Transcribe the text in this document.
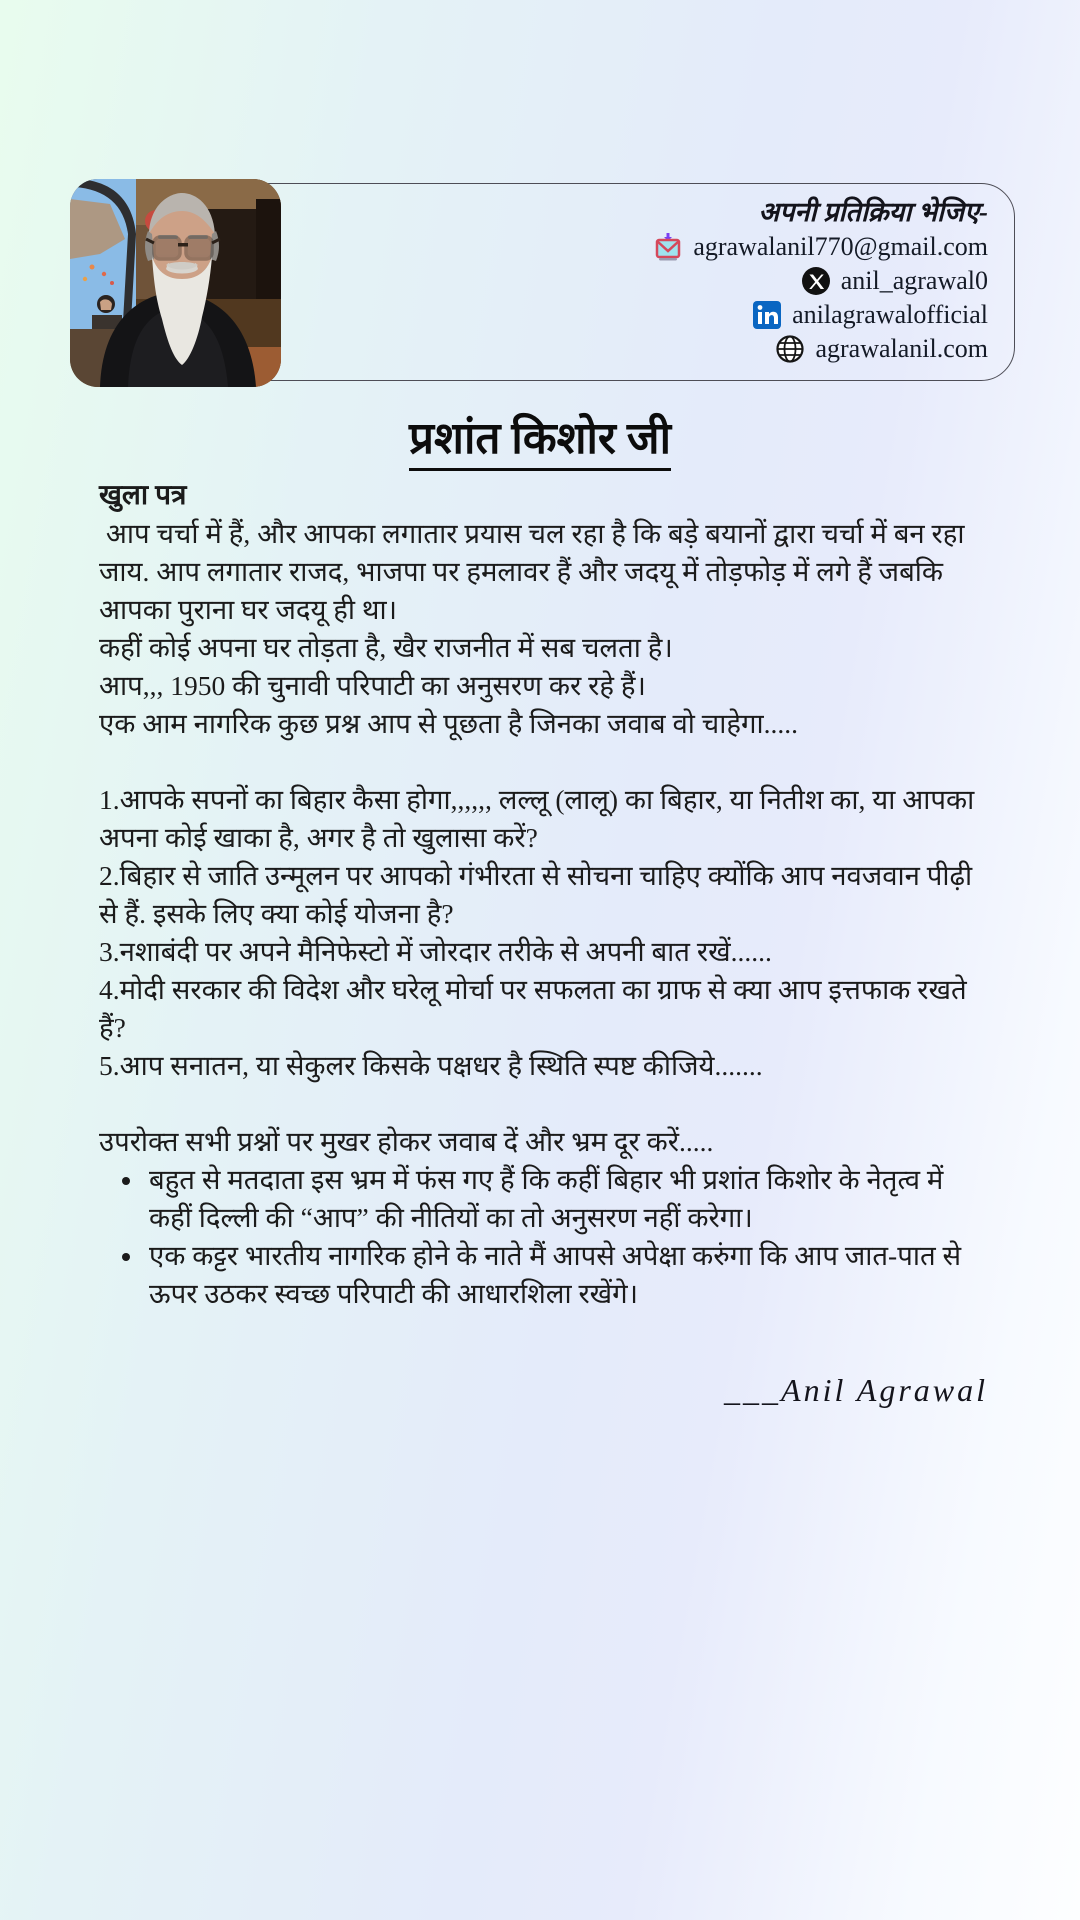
अपनी प्रतिक्रिया भेजिए-
agrawalanil770@gmail.com
anil_agrawal0
anilagrawalofficial
agrawalanil.com
प्रशांत किशोर जी

खुला पत्र

आप चर्चा में हैं, और आपका लगातार प्रयास चल रहा है कि बड़े बयानों द्वारा चर्चा में बन रहा जाय. आप लगातार राजद, भाजपा पर हमलावर हैं और जदयू में तोड़फोड़ में लगे हैं जबकि आपका पुराना घर जदयू ही था।

कहीं कोई अपना घर तोड़ता है, खैर राजनीत में सब चलता है।

आप,,, 1950 की चुनावी परिपाटी का अनुसरण कर रहे हैं।

एक आम नागरिक कुछ प्रश्न आप से पूछता है जिनका जवाब वो चाहेगा.....

1.आपके सपनों का बिहार कैसा होगा,,,,,, लल्लू (लालू) का बिहार, या नितीश का, या आपका अपना कोई खाका है, अगर है तो खुलासा करें?

2.बिहार से जाति उन्मूलन पर आपको गंभीरता से सोचना चाहिए क्योंकि आप नवजवान पीढ़ी से हैं. इसके लिए क्या कोई योजना है?

3.नशाबंदी पर अपने मैनिफेस्टो में जोरदार तरीके से अपनी बात रखें......

4.मोदी सरकार की विदेश और घरेलू मोर्चा पर सफलता का ग्राफ से क्या आप इत्तफाक रखते हैं?

5.आप सनातन, या सेकुलर किसके पक्षधर है स्थिति स्पष्ट कीजिये.......

उपरोक्त सभी प्रश्नों पर मुखर होकर जवाब दें और भ्रम दूर करें.....

• बहुत से मतदाता इस भ्रम में फंस गए हैं कि कहीं बिहार भी प्रशांत किशोर के नेतृत्व में कहीं दिल्ली की “आप” की नीतियों का तो अनुसरण नहीं करेगा।
• एक कट्टर भारतीय नागरिक होने के नाते मैं आपसे अपेक्षा करुंगा कि आप जात-पात से ऊपर उठकर स्वच्छ परिपाटी की आधारशिला रखेंगे।
___Anil Agrawal
